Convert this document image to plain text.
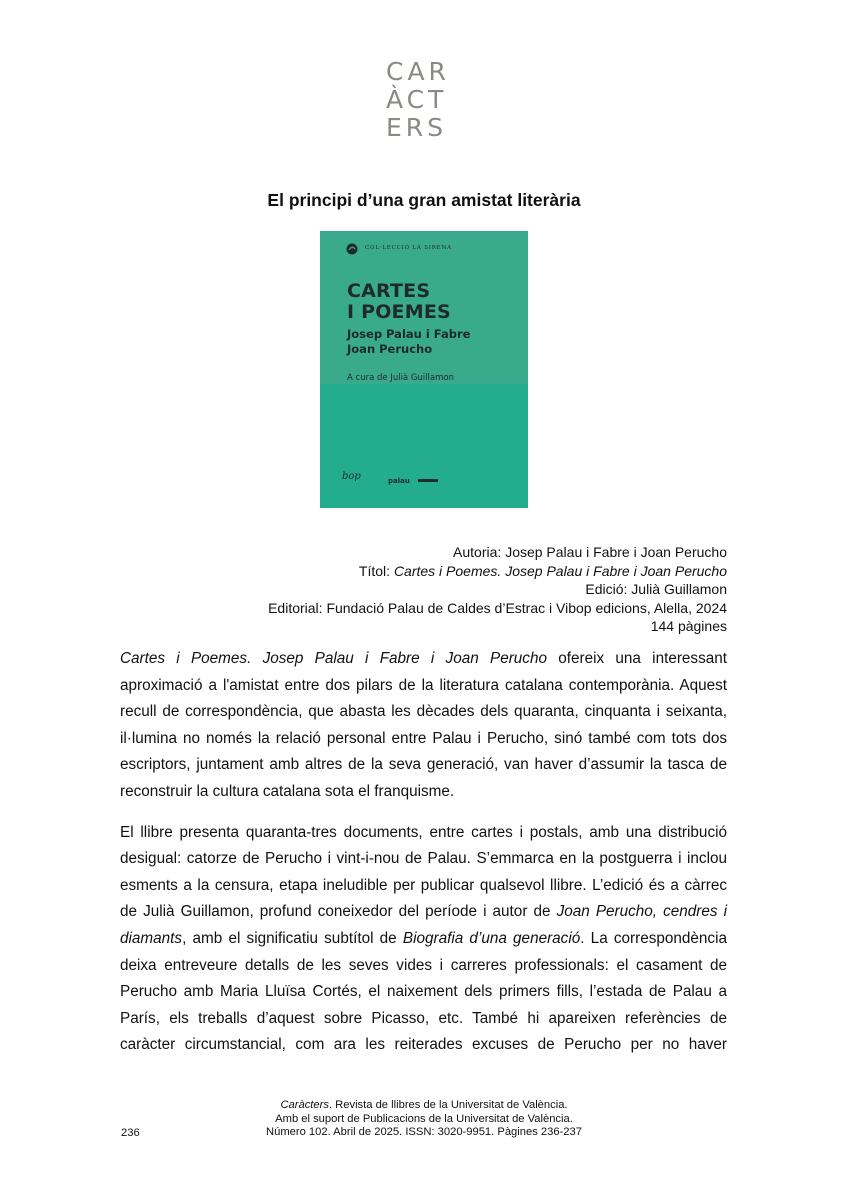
CAR
ÀCT
ERS
El principi d’una gran amistat literària
COL·LECCIÓ LA SIRENA
CARTES
I POEMES
Josep Palau i Fabre
Joan Perucho
A cura de Julià Guillamon
bop	palau
Autoria: Josep Palau i Fabre i Joan Perucho
Títol: Cartes i Poemes. Josep Palau i Fabre i Joan Perucho
Edició: Julià Guillamon
Editorial: Fundació Palau de Caldes d’Estrac i Vibop edicions, Alella, 2024
144 pàgines

Cartes i Poemes. Josep Palau i Fabre i Joan Perucho ofereix una interessant aproximació a l'amistat entre dos pilars de la literatura catalana contemporània. Aquest recull de correspondència, que abasta les dècades dels quaranta, cinquanta i seixanta, il·lumina no només la relació personal entre Palau i Perucho, sinó també com tots dos escriptors, juntament amb altres de la seva generació, van haver d’assumir la tasca de reconstruir la cultura catalana sota el franquisme.

El llibre presenta quaranta-tres documents, entre cartes i postals, amb una distribució desigual: catorze de Perucho i vint-i-nou de Palau. S’emmarca en la postguerra i inclou esments a la censura, etapa ineludible per publicar qualsevol llibre. L’edició és a càrrec de Julià Guillamon, profund coneixedor del període i autor de Joan Perucho, cendres i diamants, amb el significatiu subtítol de Biografia d’una generació. La correspondència deixa entreveure detalls de les seves vides i carreres professionals: el casament de Perucho amb Maria Lluïsa Cortés, el naixement dels primers fills, l’estada de Palau a París, els treballs d’aquest sobre Picasso, etc. També hi apareixen referències de caràcter circumstancial, com ara les reiterades excuses de Perucho per no haver

Caràcters. Revista de llibres de la Universitat de València.
Amb el suport de Publicacions de la Universitat de València.
Número 102. Abril de 2025. ISSN: 3020-9951. Pàgines 236-237
236
